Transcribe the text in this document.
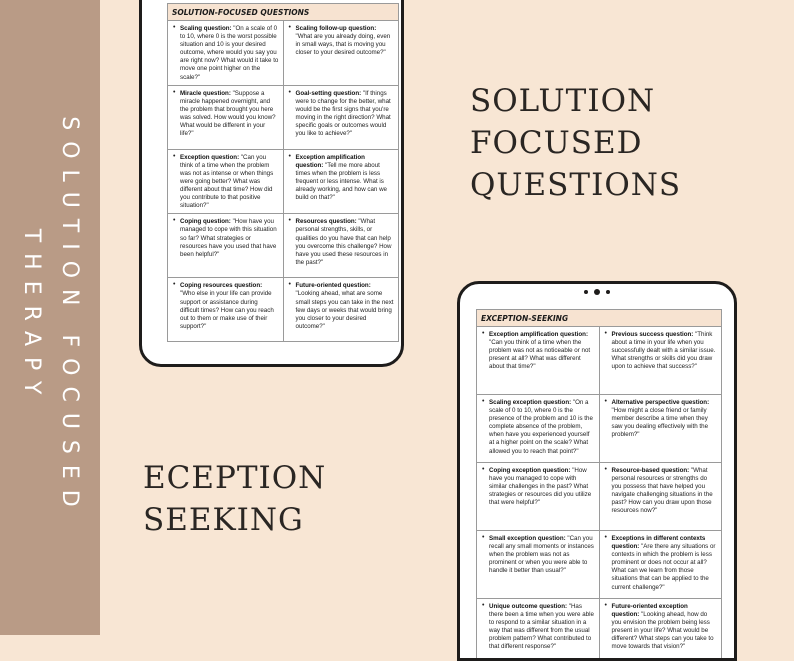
SOLUTION FOCUSED
THERAPY
SOLUTION
FOCUSED
QUESTIONS
ECEPTION
SEEKING
SOLUTION-FOCUSED QUESTIONS	
• Scaling question: "On a scale of 0 to 10, where 0 is the worst possible situation and 10 is your desired outcome, where would you say you are right now? What would it take to move one point higher on the scale?"	• Scaling follow-up question: "What are you already doing, even in small ways, that is moving you closer to your desired outcome?"
• Miracle question: "Suppose a miracle happened overnight, and the problem that brought you here was solved. How would you know? What would be different in your life?"	• Goal-setting question: "If things were to change for the better, what would be the first signs that you're moving in the right direction? What specific goals or outcomes would you like to achieve?"
• Exception question: "Can you think of a time when the problem was not as intense or when things were going better? What was different about that time? How did you contribute to that positive situation?"	• Exception amplification question: "Tell me more about times when the problem is less frequent or less intense. What is already working, and how can we build on that?"
• Coping question: "How have you managed to cope with this situation so far? What strategies or resources have you used that have been helpful?"	• Resources question: "What personal strengths, skills, or qualities do you have that can help you overcome this challenge? How have you used these resources in the past?"
• Coping resources question: "Who else in your life can provide support or assistance during difficult times? How can you reach out to them or make use of their support?"	• Future-oriented question: "Looking ahead, what are some small steps you can take in the next few days or weeks that would bring you closer to your desired outcome?"
EXCEPTION-SEEKING	
• Exception amplification question: "Can you think of a time when the problem was not as noticeable or not present at all? What was different about that time?"	• Previous success question: "Think about a time in your life when you successfully dealt with a similar issue. What strengths or skills did you draw upon to achieve that success?"
• Scaling exception question: "On a scale of 0 to 10, where 0 is the presence of the problem and 10 is the complete absence of the problem, when have you experienced yourself at a higher point on the scale? What allowed you to reach that point?"	• Alternative perspective question: "How might a close friend or family member describe a time when they saw you dealing effectively with the problem?"
• Coping exception question: "How have you managed to cope with similar challenges in the past? What strategies or resources did you utilize that were helpful?"	• Resource-based question: "What personal resources or strengths do you possess that have helped you navigate challenging situations in the past? How can you draw upon those resources now?"
• Small exception question: "Can you recall any small moments or instances when the problem was not as prominent or when you were able to handle it better than usual?"	• Exceptions in different contexts question: "Are there any situations or contexts in which the problem is less prominent or does not occur at all? What can we learn from those situations that can be applied to the current challenge?"
• Unique outcome question: "Has there been a time when you were able to respond to a similar situation in a way that was different from the usual problem pattern? What contributed to that different response?"	• Future-oriented exception question: "Looking ahead, how do you envision the problem being less present in your life? What would be different? What steps can you take to move towards that vision?"
